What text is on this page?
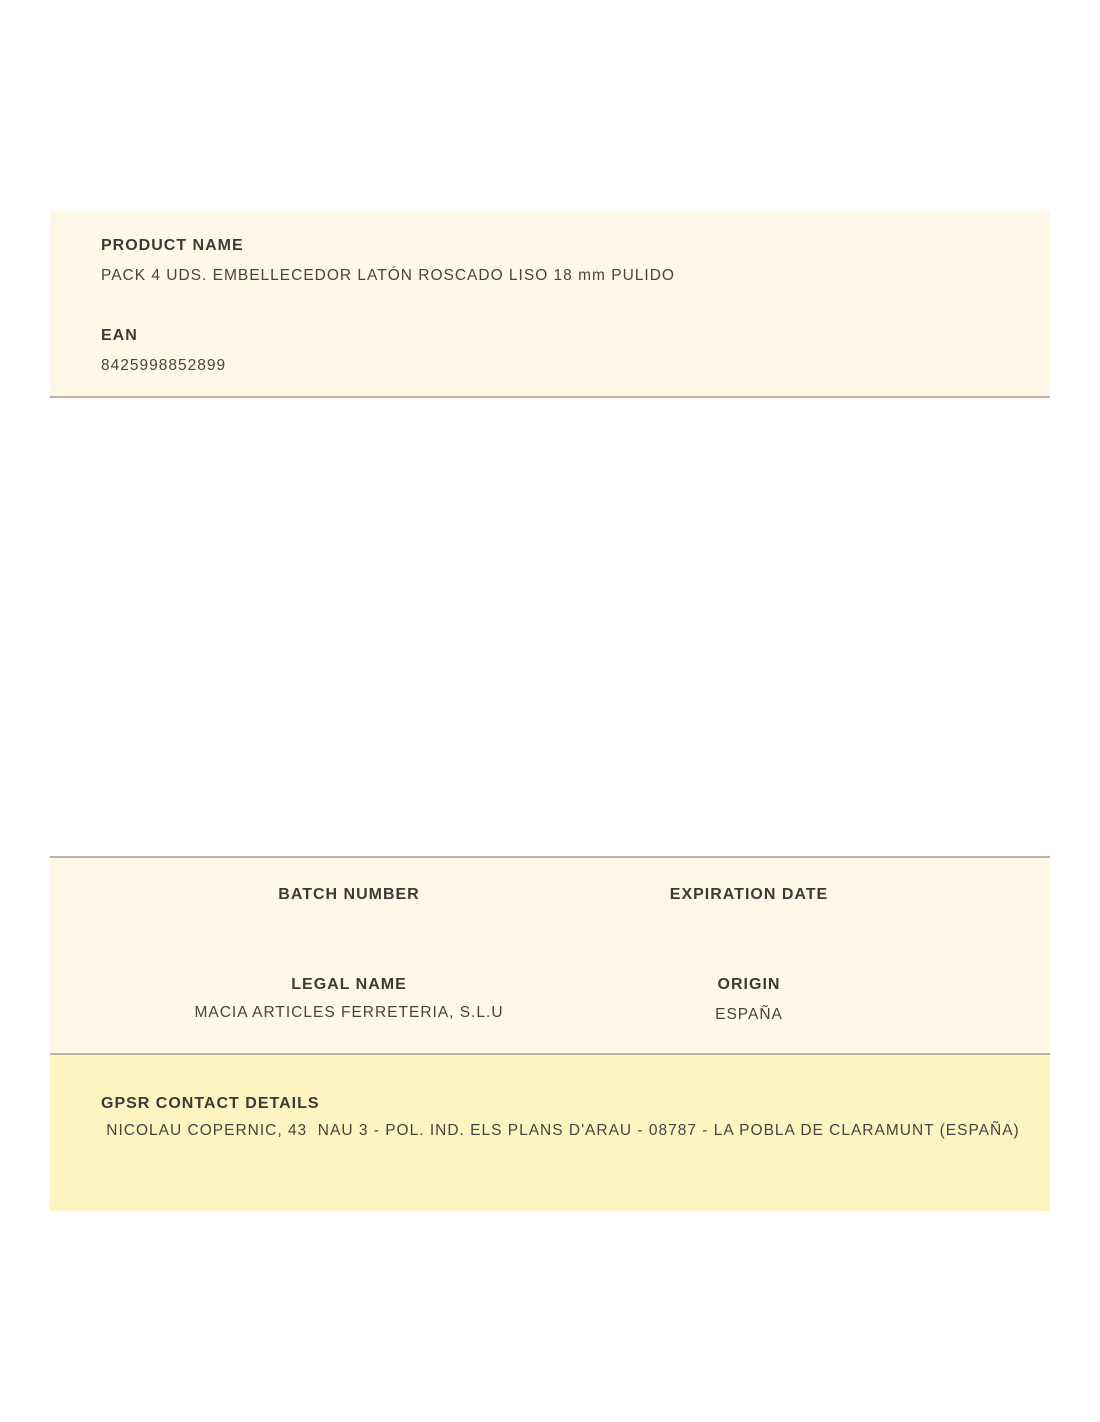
PRODUCT NAME
PACK 4 UDS. EMBELLECEDOR LATÓN ROSCADO LISO 18 mm PULIDO
EAN
8425998852899
BATCH NUMBER	EXPIRATION DATE
LEGAL NAME
MACIA ARTICLES FERRETERIA, S.L.U
ORIGIN
ESPAÑA
GPSR CONTACT DETAILS
NICOLAU COPERNIC, 43  NAU 3 - POL. IND. ELS PLANS D'ARAU - 08787 - LA POBLA DE CLARAMUNT (ESPAÑA)
